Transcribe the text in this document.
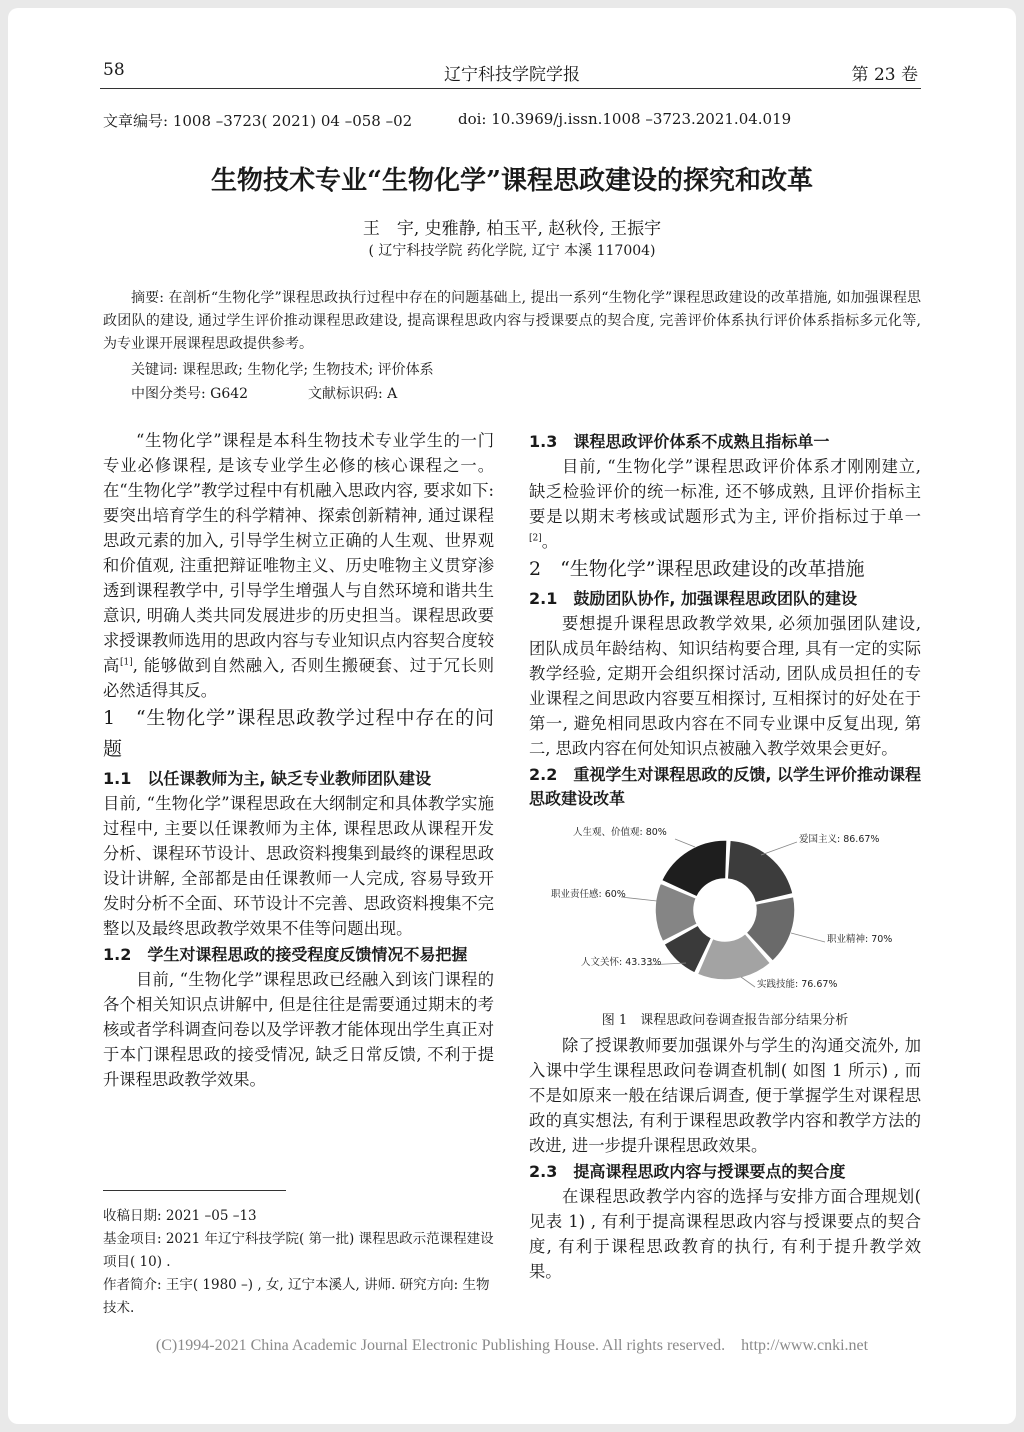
58	辽宁科技学院学报	第 23 卷
文章编号: 1008 –3723( 2021) 04 –058 –02	doi: 10.3969/j.issn.1008 –3723.2021.04.019
生物技术专业“生物化学”课程思政建设的探究和改革
王　宇, 史雅静, 柏玉平, 赵秋伶, 王振宇
( 辽宁科技学院 药化学院, 辽宁 本溪 117004)
摘要: 在剖析“生物化学”课程思政执行过程中存在的问题基础上, 提出一系列“生物化学”课程思政建设的改革措施, 如加强课程思政团队的建设, 通过学生评价推动课程思政建设, 提高课程思政内容与授课要点的契合度, 完善评价体系执行评价体系指标多元化等, 为专业课开展课程思政提供参考。
关键词: 课程思政; 生物化学; 生物技术; 评价体系
中图分类号: G642	文献标识码: A

“生物化学”课程是本科生物技术专业学生的一门专业必修课程, 是该专业学生必修的核心课程之一。在“生物化学”教学过程中有机融入思政内容, 要求如下: 要突出培育学生的科学精神、探索创新精神, 通过课程思政元素的加入, 引导学生树立正确的人生观、世界观和价值观, 注重把辩证唯物主义、历史唯物主义贯穿渗透到课程教学中, 引导学生增强人与自然环境和谐共生意识, 明确人类共同发展进步的历史担当。课程思政要求授课教师选用的思政内容与专业知识点内容契合度较高[1], 能够做到自然融入, 否则生搬硬套、过于冗长则必然适得其反。

1　“生物化学”课程思政教学过程中存在的问题
1.1　以任课教师为主, 缺乏专业教师团队建设

目前, “生物化学”课程思政在大纲制定和具体教学实施过程中, 主要以任课教师为主体, 课程思政从课程开发分析、课程环节设计、思政资料搜集到最终的课程思政设计讲解, 全部都是由任课教师一人完成, 容易导致开发时分析不全面、环节设计不完善、思政资料搜集不完整以及最终思政教学效果不佳等问题出现。

1.2　学生对课程思政的接受程度反馈情况不易把握

目前, “生物化学”课程思政已经融入到该门课程的各个相关知识点讲解中, 但是往往是需要通过期末的考核或者学科调查问卷以及学评教才能体现出学生真正对于本门课程思政的接受情况, 缺乏日常反馈, 不利于提升课程思政教学效果。

1.3　课程思政评价体系不成熟且指标单一

目前, “生物化学”课程思政评价体系才刚刚建立, 缺乏检验评价的统一标准, 还不够成熟, 且评价指标主要是以期末考核或试题形式为主, 评价指标过于单一[2]。

2　“生物化学”课程思政建设的改革措施
2.1　鼓励团队协作, 加强课程思政团队的建设

要想提升课程思政教学效果, 必须加强团队建设, 团队成员年龄结构、知识结构要合理, 具有一定的实际教学经验, 定期开会组织探讨活动, 团队成员担任的专业课程之间思政内容要互相探讨, 互相探讨的好处在于第一, 避免相同思政内容在不同专业课中反复出现, 第二, 思政内容在何处知识点被融入教学效果会更好。

2.2　重视学生对课程思政的反馈, 以学生评价推动课程思政建设改革
爱国主义: 86.67%
职业精神: 70%
实践技能: 76.67%
人文关怀: 43.33%
职业责任感: 60%
人生观、价值观: 80%
图 1　课程思政问卷调查报告部分结果分析

除了授课教师要加强课外与学生的沟通交流外, 加入课中学生课程思政问卷调查机制( 如图 1 所示) , 而不是如原来一般在结课后调查, 便于掌握学生对课程思政的真实想法, 有利于课程思政教学内容和教学方法的改进, 进一步提升课程思政效果。

2.3　提高课程思政内容与授课要点的契合度

在课程思政教学内容的选择与安排方面合理规划( 见表 1) , 有利于提高课程思政内容与授课要点的契合度, 有利于课程思政教育的执行, 有利于提升教学效果。

收稿日期: 2021 –05 –13
基金项目: 2021 年辽宁科技学院( 第一批) 课程思政示范课程建设项目( 10) .
作者简介: 王宇( 1980 –) , 女, 辽宁本溪人, 讲师. 研究方向: 生物技术.
(C)1994-2021 China Academic Journal Electronic Publishing House. All rights reserved.　http://www.cnki.net
